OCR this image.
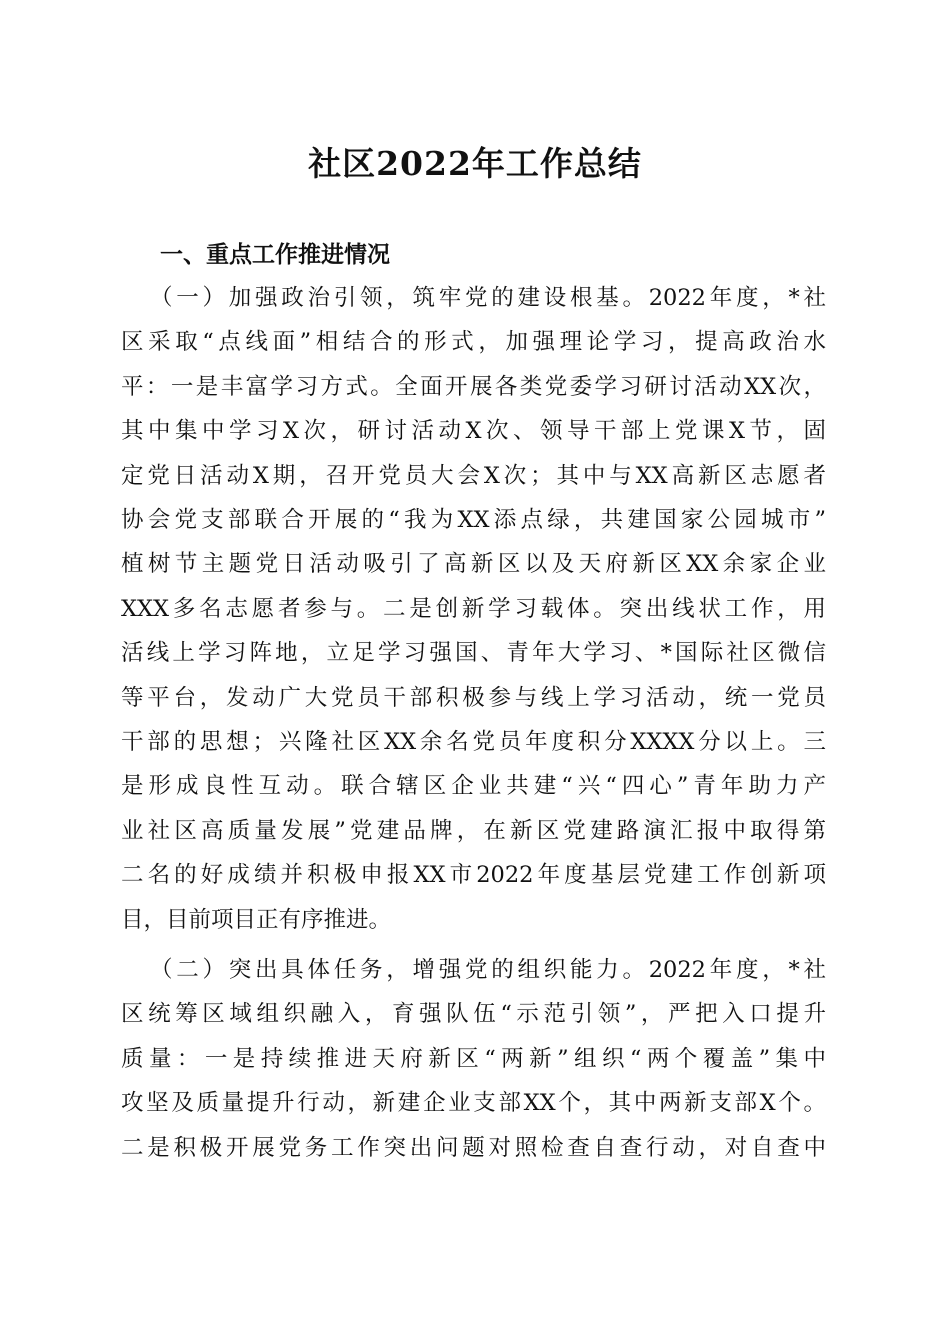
社区2022年工作总结
一、重点工作推进情况
（一）加强政治引领，筑牢党的建设根基。2022年度，*社
区采取“点线面”相结合的形式，加强理论学习，提高政治水
平：一是丰富学习方式。全面开展各类党委学习研讨活动XX次，
其中集中学习X次，研讨活动X次、领导干部上党课X节，固
定党日活动X期，召开党员大会X次；其中与XX高新区志愿者
协会党支部联合开展的“我为XX添点绿，共建国家公园城市”
植树节主题党日活动吸引了高新区以及天府新区XX余家企业
XXX多名志愿者参与。二是创新学习载体。突出线状工作，用
活线上学习阵地，立足学习强国、青年大学习、*国际社区微信
等平台，发动广大党员干部积极参与线上学习活动，统一党员
干部的思想；兴隆社区XX余名党员年度积分XXXX分以上。三
是形成良性互动。联合辖区企业共建“兴“四心”青年助力产
业社区高质量发展”党建品牌，在新区党建路演汇报中取得第
二名的好成绩并积极申报XX市2022年度基层党建工作创新项
目，目前项目正有序推进。
（二）突出具体任务，增强党的组织能力。2022年度，*社
区统筹区域组织融入，育强队伍“示范引领”，严把入口提升
质量：一是持续推进天府新区“两新”组织“两个覆盖”集中
攻坚及质量提升行动，新建企业支部XX个，其中两新支部X个。
二是积极开展党务工作突出问题对照检查自查行动，对自查中
